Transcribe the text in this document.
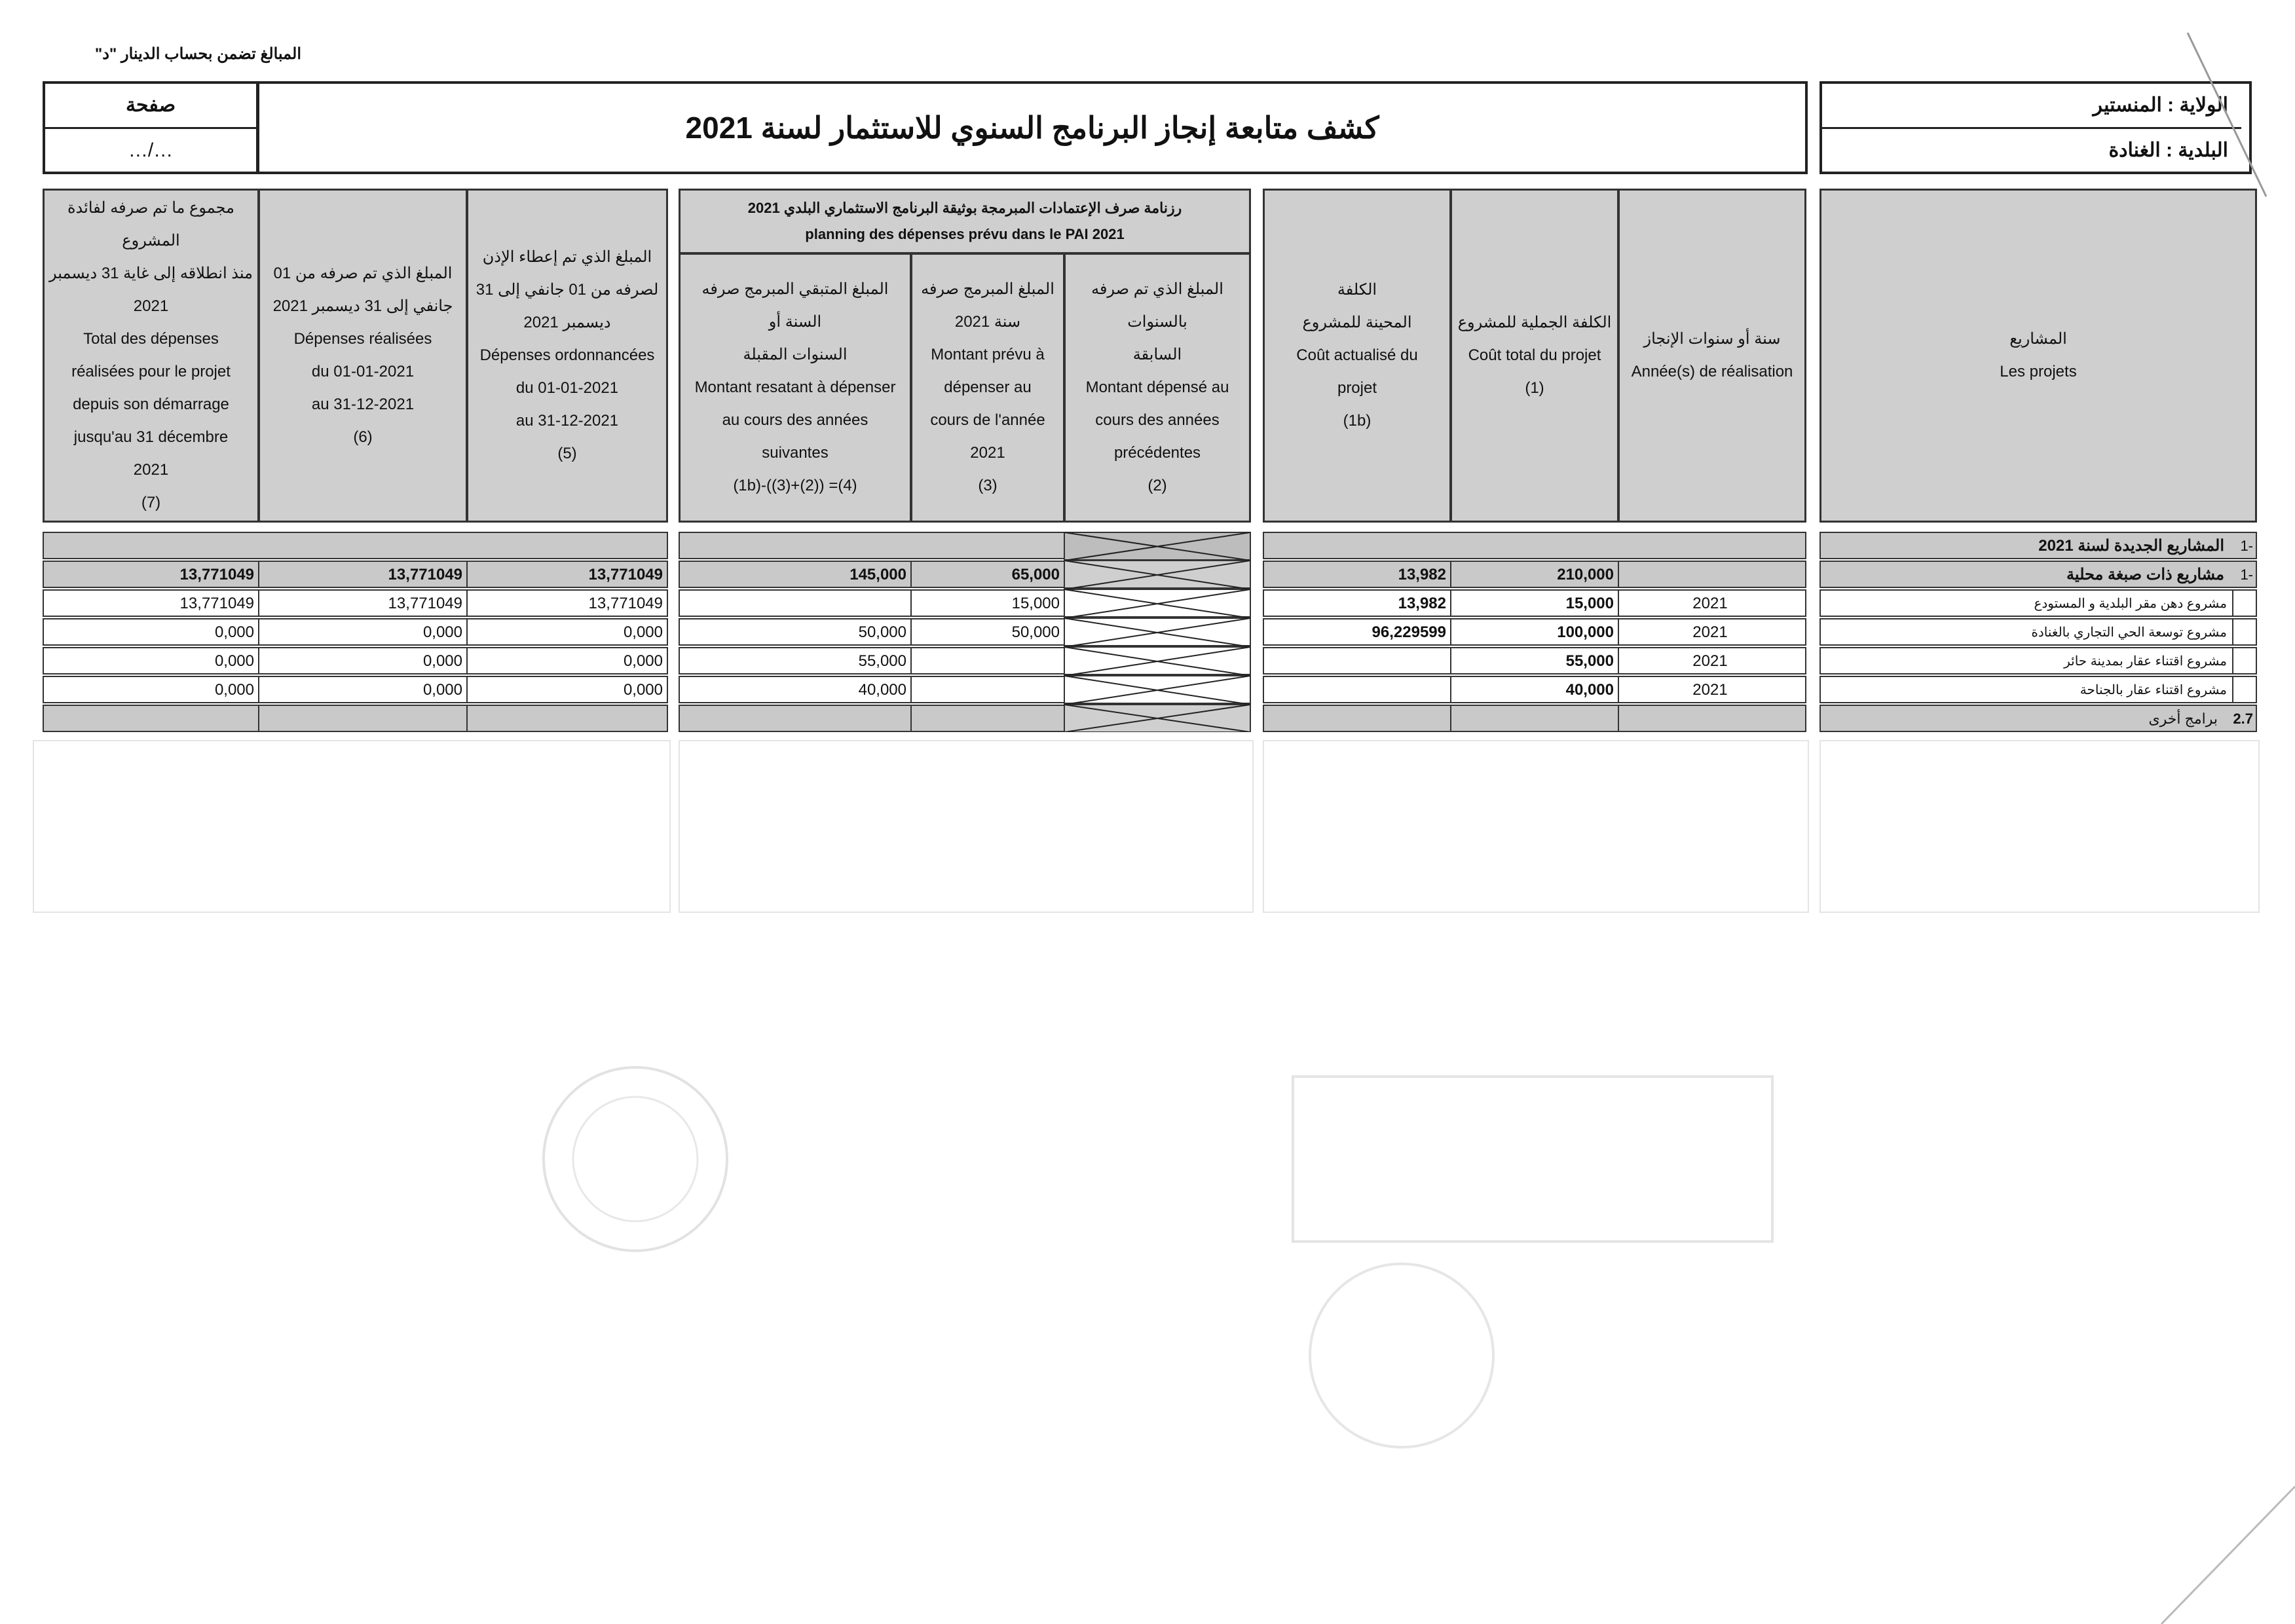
المبالغ تضمن بحساب الدينار "د"
صفحة
…/…
كشف متابعة إنجاز البرنامج السنوي للاستثمار لسنة 2021
الولاية : المنستير
البلدية : الغنادة
المشاريع
Les projets
سنة أو سنوات الإنجاز
Année(s) de réalisation
الكلفة الجملية للمشروع
Coût total du projet
(1)
الكلفة
المحينة للمشروع
Coût actualisé du
projet
(1b)
رزنامة صرف الإعتمادات المبرمجة بوثيقة البرنامج الاستثماري البلدي 2021
planning des dépenses prévu dans le PAI 2021
المبلغ الذي تم صرفه بالسنوات
السابقة
Montant dépensé au
cours des années
précédentes
(2)
المبلغ المبرمج صرفه
سنة 2021
Montant prévu à
dépenser au
cours de l'année
2021
(3)
المبلغ المتبقي المبرمج صرفه السنة أو
السنوات المقبلة
Montant resatant à dépenser
au cours des années
suivantes
(1b)-((3)+(2)) =(4)
المبلغ الذي تم إعطاء الإذن
لصرفه من 01 جانفي إلى 31
ديسمبر 2021
Dépenses ordonnancées
du 01-01-2021
au 31-12-2021
(5)
المبلغ الذي تم صرفه من 01
جانفي إلى 31 ديسمبر 2021
Dépenses réalisées
du 01-01-2021
au 31-12-2021
(6)
مجموع ما تم صرفه لفائدة المشروع
منذ انطلاقه إلى غاية 31 ديسمبر
2021
Total des dépenses
réalisées pour le projet
depuis son démarrage
jusqu'au 31 décembre
2021
(7)
1-
المشاريع الجديدة لسنة 2021
1-
مشاريع ذات صبغة محلية
210,000
13,982
65,000
145,000
13,771049
13,771049
13,771049
مشروع دهن مقر البلدية و المستودع
2021
15,000
13,982
15,000
13,771049
13,771049
13,771049
مشروع توسعة الحي التجاري بالغنادة
2021
100,000
96,229599
50,000
50,000
0,000
0,000
0,000
مشروع اقتناء عقار بمدينة حائر
2021
55,000
55,000
0,000
0,000
0,000
مشروع اقتناء عقار بالجناحة
2021
40,000
40,000
0,000
0,000
0,000
2.7
برامج أخرى
